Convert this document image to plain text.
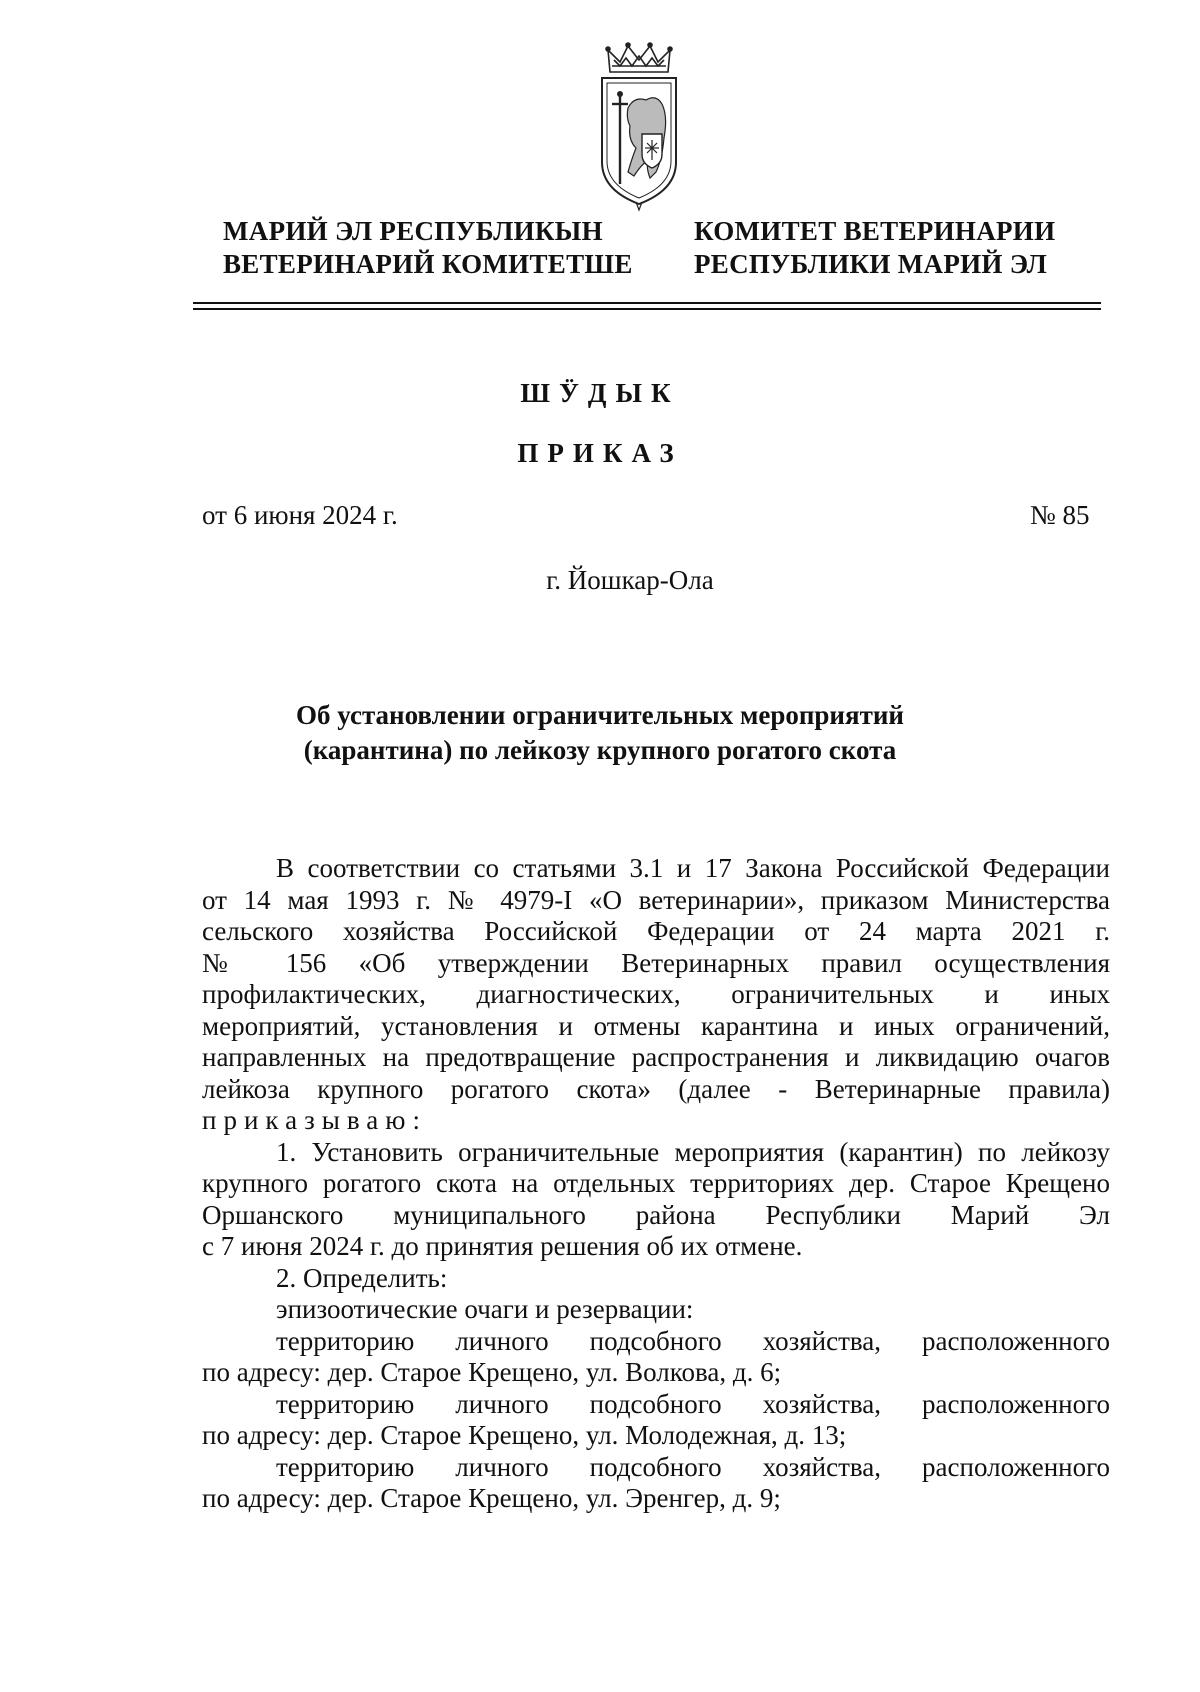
МАРИЙ ЭЛ РЕСПУБЛИКЫН
ВЕТЕРИНАРИЙ КОМИТЕТШЕ
КОМИТЕТ ВЕТЕРИНАРИИ
РЕСПУБЛИКИ МАРИЙ ЭЛ
ШӰДЫК
ПРИКАЗ
от 6 июня 2024 г.	№ 85
г. Йошкар-Ола
Об установлении ограничительных мероприятий
(карантина) по лейкозу крупного рогатого скота

В соответствии со статьями 3.1 и 17 Закона Российской Федерации

от 14 мая 1993 г. № 4979-I «О ветеринарии», приказом Министерства

сельского хозяйства Российской Федерации от 24 марта 2021 г.

№ 156 «Об утверждении Ветеринарных правил осуществления

профилактических, диагностических, ограничительных и иных

мероприятий, установления и отмены карантина и иных ограничений,

направленных на предотвращение распространения и ликвидацию очагов

лейкоза крупного рогатого скота» (далее - Ветеринарные правила)

приказываю:

1. Установить ограничительные мероприятия (карантин) по лейкозу

крупного рогатого скота на отдельных территориях дер. Старое Крещено

Оршанского муниципального района Республики Марий Эл

с 7 июня 2024 г. до принятия решения об их отмене.

2. Определить:

эпизоотические очаги и резервации:

территорию личного подсобного хозяйства, расположенного

по адресу: дер. Старое Крещено, ул. Волкова, д. 6;

территорию личного подсобного хозяйства, расположенного

по адресу: дер. Старое Крещено, ул. Молодежная, д. 13;

территорию личного подсобного хозяйства, расположенного

по адресу: дер. Старое Крещено, ул. Эренгер, д. 9;
